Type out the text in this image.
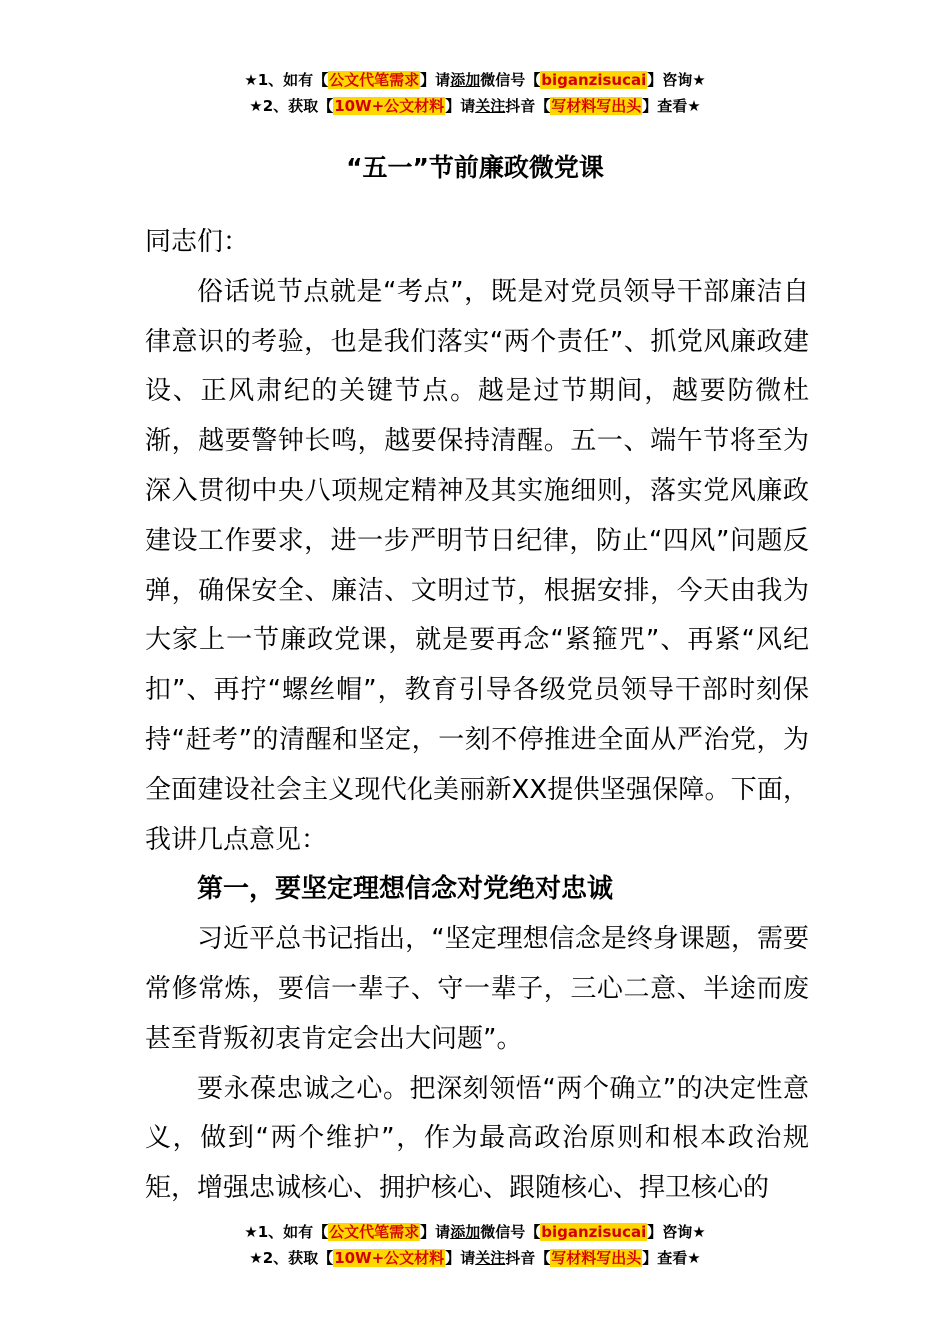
★1、如有【公文代笔需求】请添加微信号【biganzisucai】咨询★
★2、获取【10W+公文材料】请关注抖音【写材料写出头】查看★
“五一”节前廉政微党课

同志们：

俗话说节点就是“考点”，既是对党员领导干部廉洁自律意识的考验，也是我们落实“两个责任”、抓党风廉政建设、正风肃纪的关键节点。越是过节期间，越要防微杜渐，越要警钟长鸣，越要保持清醒。五一、端午节将至为深入贯彻中央八项规定精神及其实施细则，落实党风廉政建设工作要求，进一步严明节日纪律，防止“四风”问题反弹，确保安全、廉洁、文明过节，根据安排，今天由我为大家上一节廉政党课，就是要再念“紧箍咒”、再紧“风纪扣”、再拧“螺丝帽”，教育引导各级党员领导干部时刻保持“赶考”的清醒和坚定，一刻不停推进全面从严治党，为全面建设社会主义现代化美丽新XX提供坚强保障。下面，我讲几点意见：

第一，要坚定理想信念对党绝对忠诚

习近平总书记指出，“坚定理想信念是终身课题，需要常修常炼，要信一辈子、守一辈子，三心二意、半途而废甚至背叛初衷肯定会出大问题”。

要永葆忠诚之心。把深刻领悟“两个确立”的决定性意义，做到“两个维护”，作为最高政治原则和根本政治规矩，增强忠诚核心、拥护核心、跟随核心、捍卫核心的

★1、如有【公文代笔需求】请添加微信号【biganzisucai】咨询★
★2、获取【10W+公文材料】请关注抖音【写材料写出头】查看★
